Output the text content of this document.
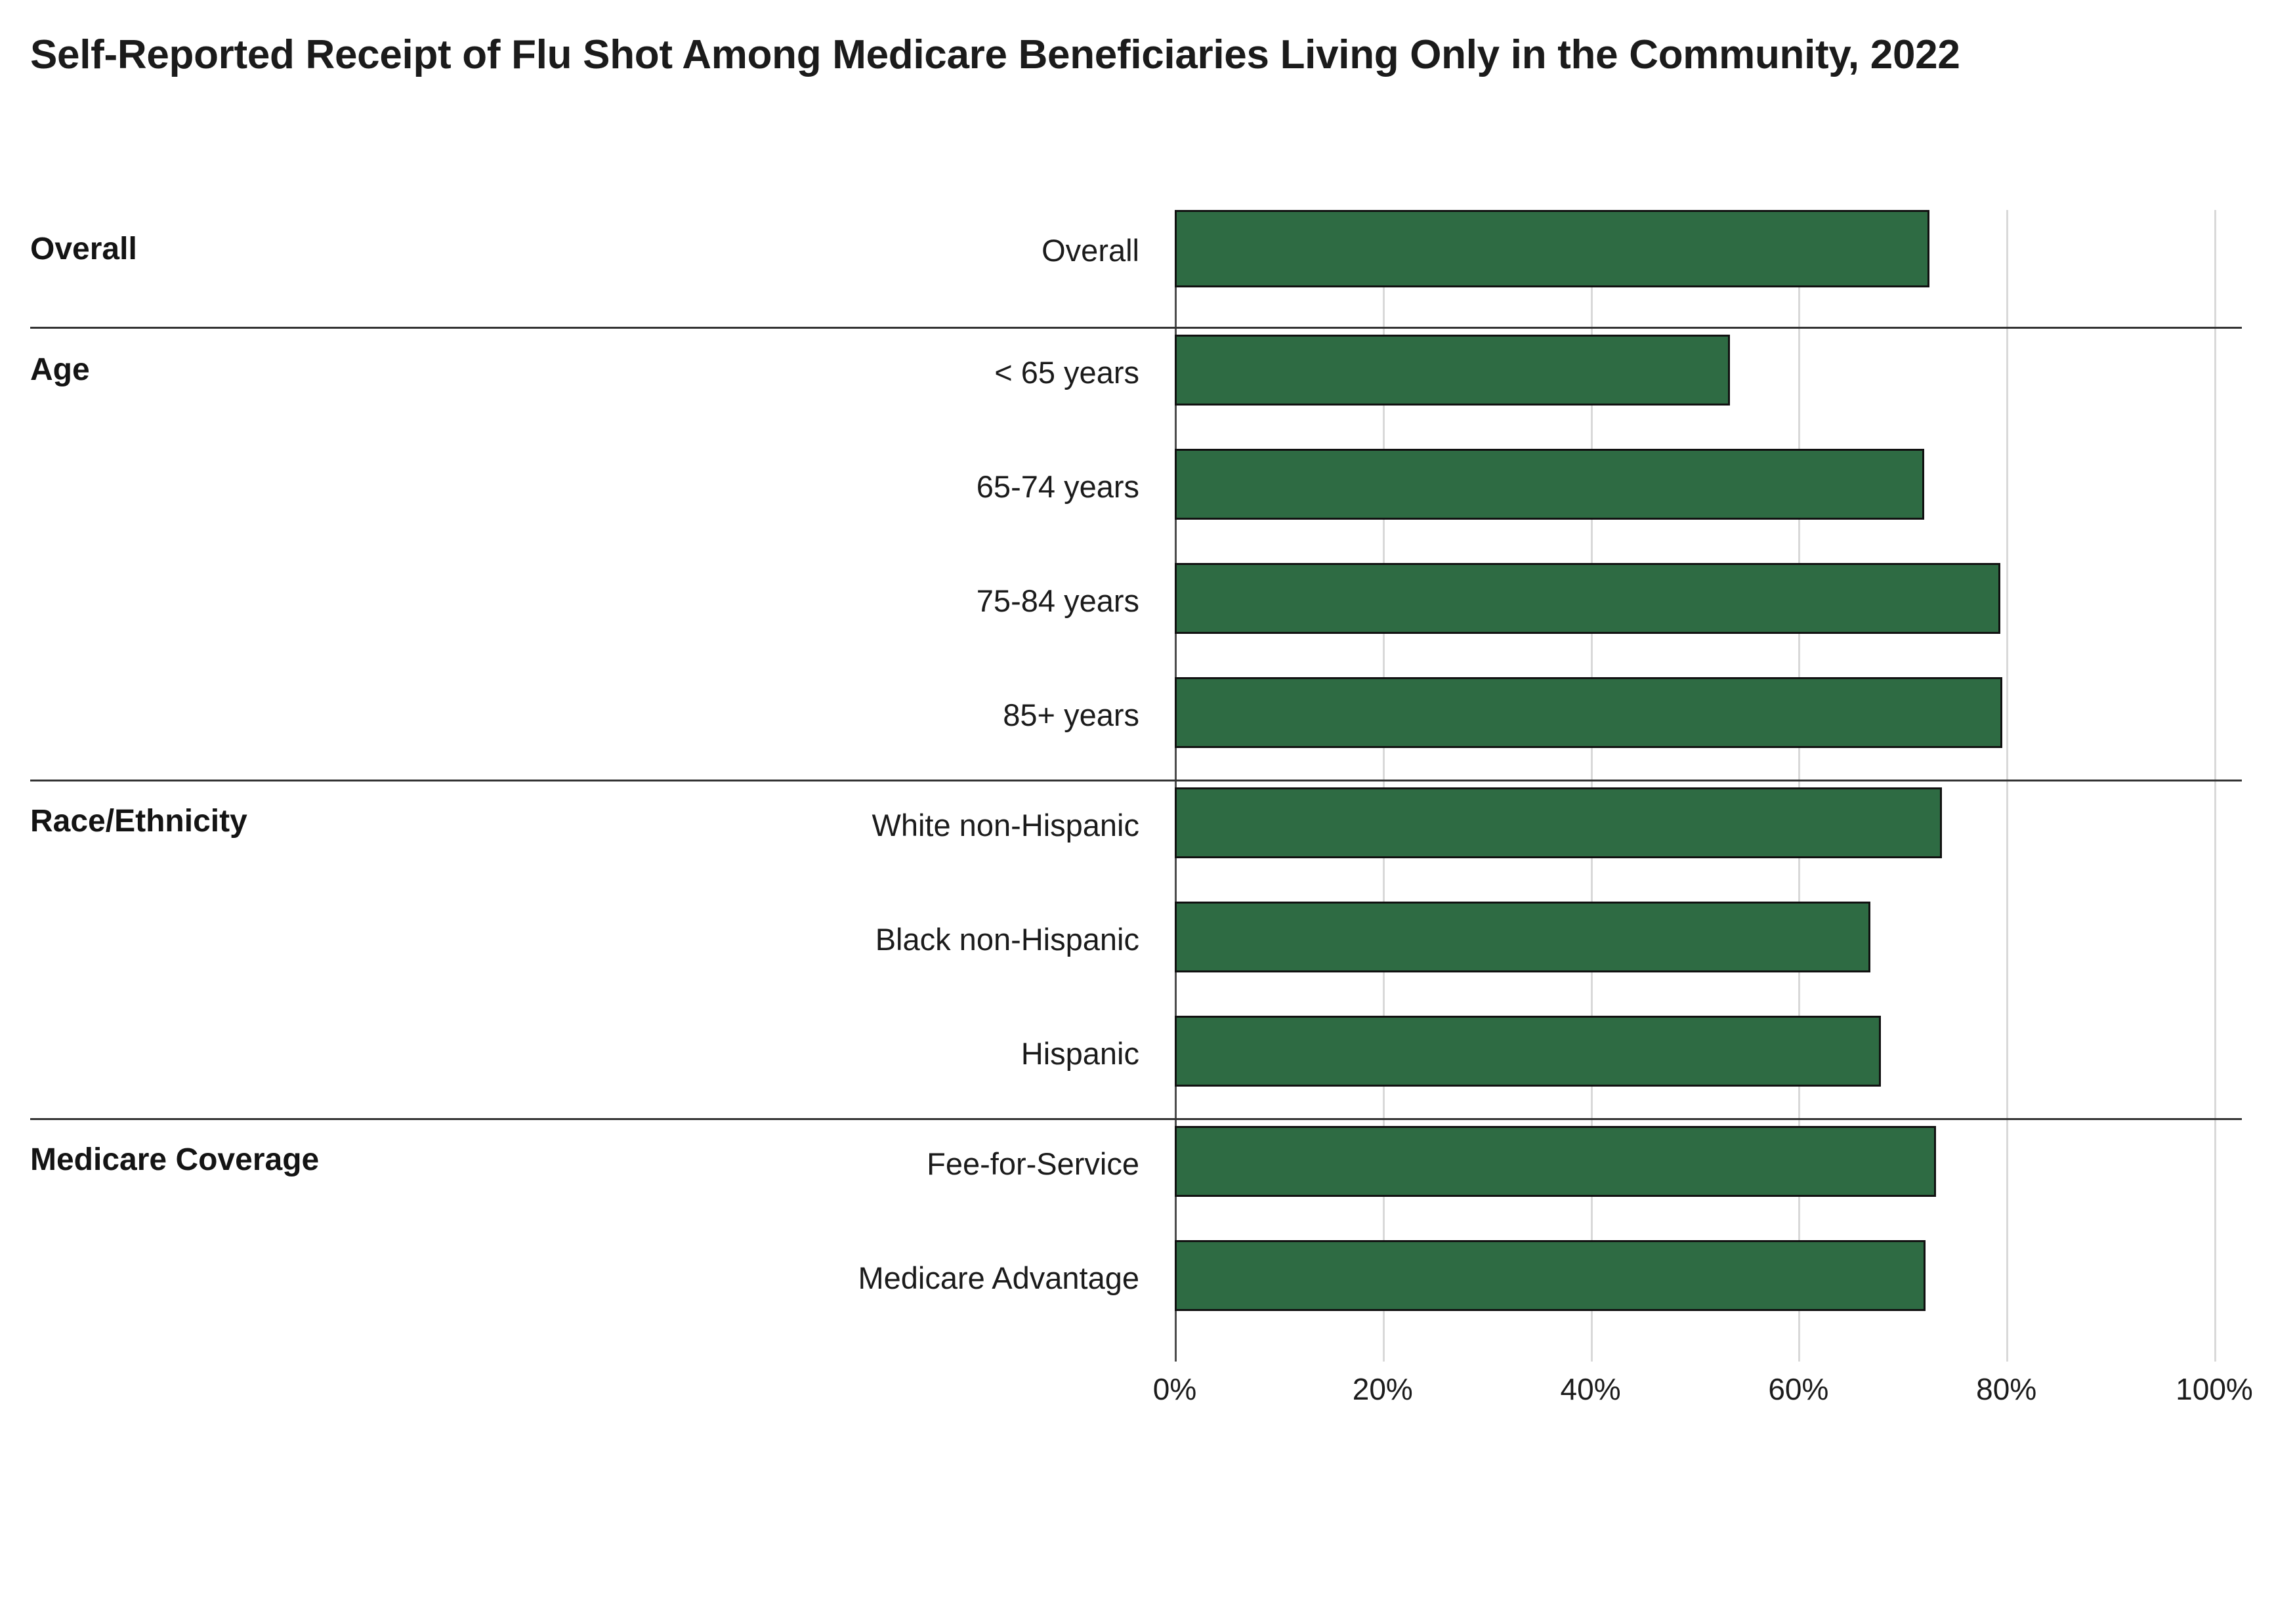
Self-Reported Receipt of Flu Shot Among Medicare Beneficiaries Living Only in the Community, 2022
Overall	Overall
Age	< 65 years
65-74 years
75-84 years
85+ years
Race/Ethnicity	White non-Hispanic
Black non-Hispanic
Hispanic
Medicare Coverage	Fee-for-Service
Medicare Advantage
0%	20%	40%	60%	80%	100%
